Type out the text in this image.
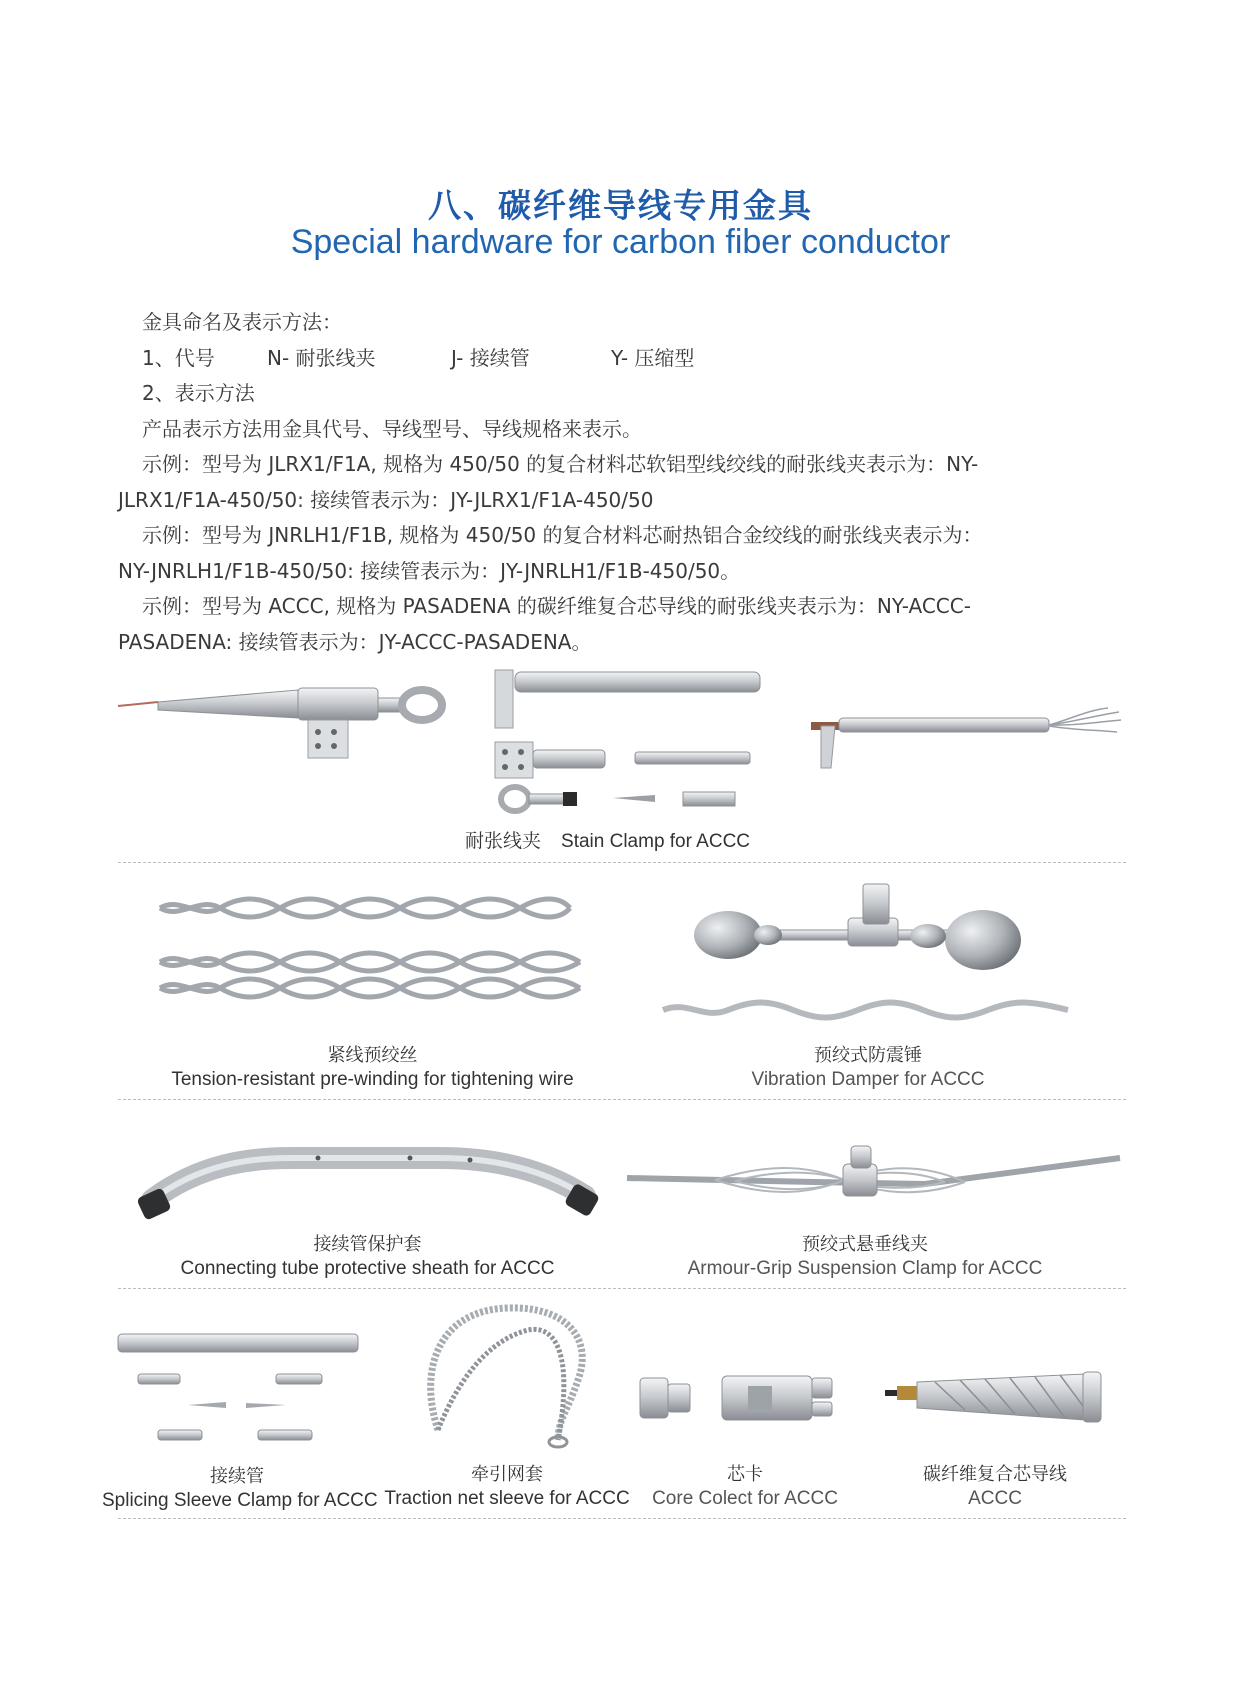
八、碳纤维导线专用金具
Special hardware for carbon fiber conductor

金具命名及表示方法：

1、代号	N- 耐张线夹	J- 接续管	Y- 压缩型

2、表示方法

产品表示方法用金具代号、导线型号、导线规格来表示。

示例：型号为 JLRX1/F1A, 规格为 450/50 的复合材料芯软铝型线绞线的耐张线夹表示为：NY-

JLRX1/F1A-450/50: 接续管表示为：JY-JLRX1/F1A-450/50

示例：型号为 JNRLH1/F1B, 规格为 450/50 的复合材料芯耐热铝合金绞线的耐张线夹表示为：

NY-JNRLH1/F1B-450/50: 接续管表示为：JY-JNRLH1/F1B-450/50。

示例：型号为 ACCC, 规格为 PASADENA 的碳纤维复合芯导线的耐张线夹表示为：NY-ACCC-

PASADENA: 接续管表示为：JY-ACCC-PASADENA。

耐张线夹 Stain Clamp for ACCC
紧线预绞丝
Tension-resistant pre-winding for tightening wire
预绞式防震锤
Vibration Damper for ACCC
接续管保护套
Connecting tube protective sheath for ACCC
预绞式悬垂线夹
Armour-Grip Suspension Clamp for ACCC
接续管
Splicing Sleeve Clamp for ACCC
牵引网套
Traction net sleeve for ACCC
芯卡
Core Colect for ACCC
碳纤维复合芯导线
ACCC
